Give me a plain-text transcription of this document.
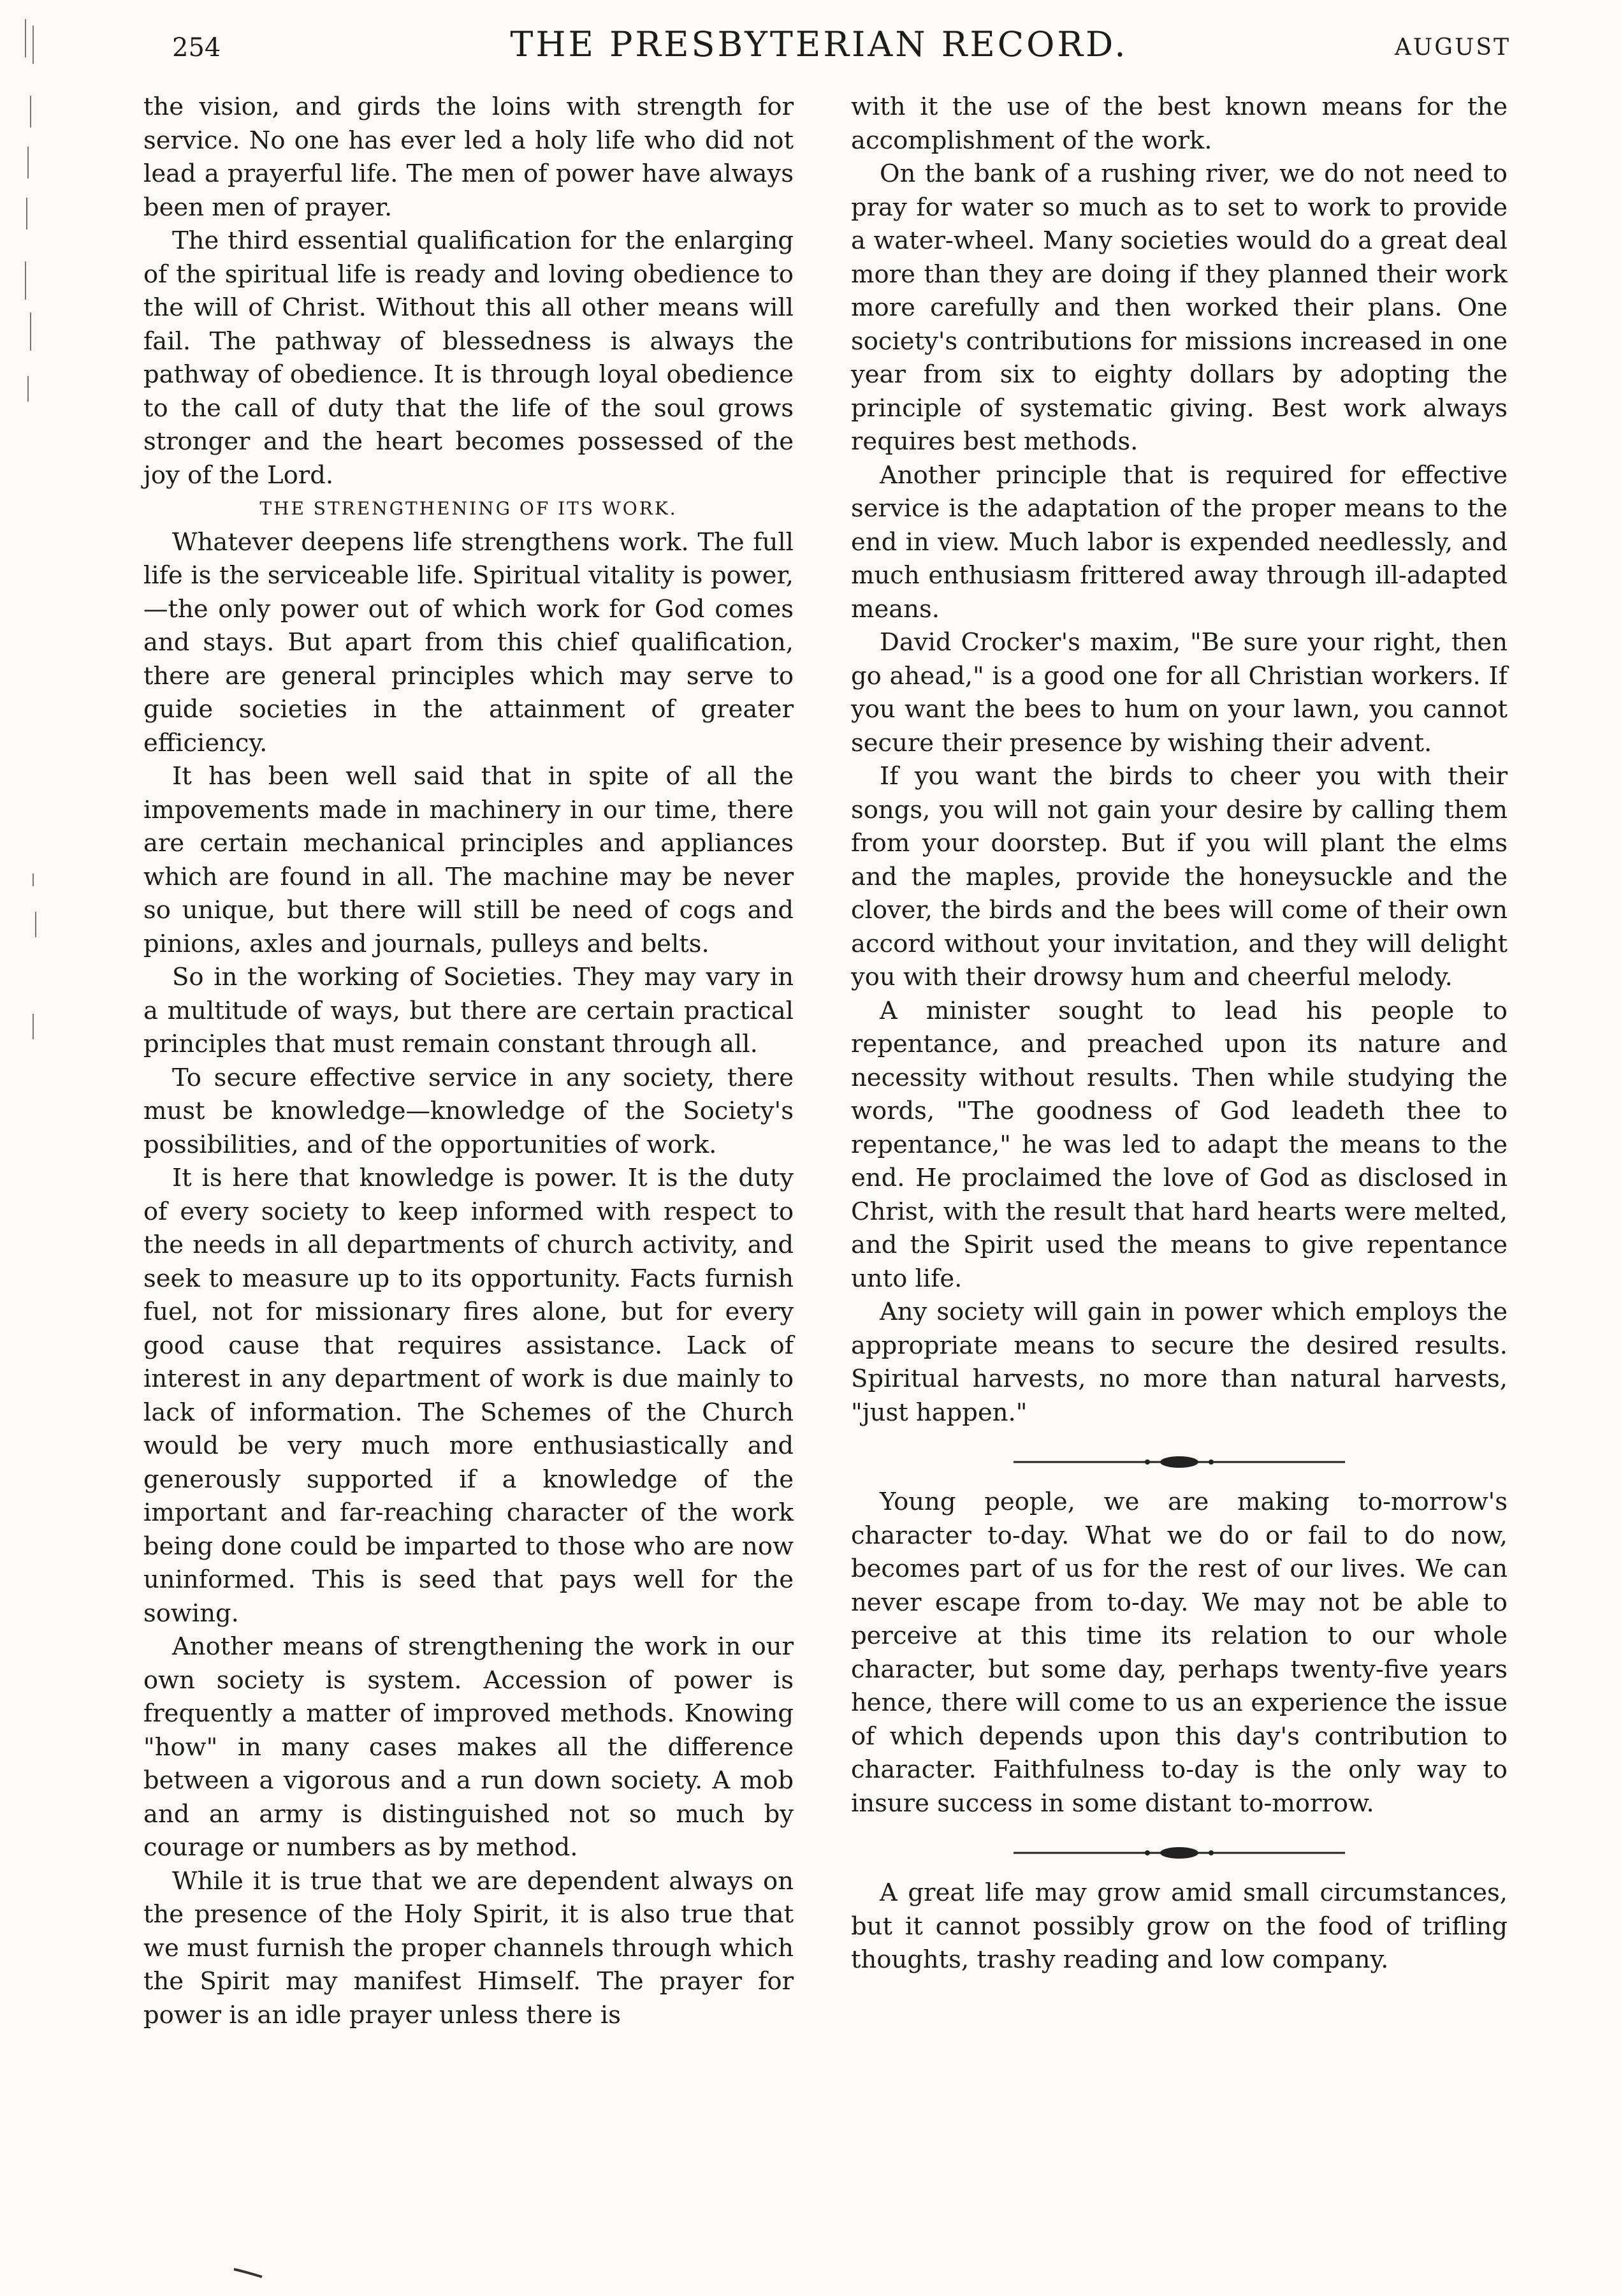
254	THE PRESBYTERIAN RECORD.	AUGUST

the vision, and girds the loins with strength for service. No one has ever led a holy life who did not lead a prayerful life. The men of power have always been men of prayer.

The third essential qualification for the enlarging of the spiritual life is ready and loving obedience to the will of Christ. Without this all other means will fail. The pathway of blessedness is always the pathway of obedience. It is through loyal obedience to the call of duty that the life of the soul grows stronger and the heart becomes possessed of the joy of the Lord.

THE STRENGTHENING OF ITS WORK.

Whatever deepens life strengthens work. The full life is the serviceable life. Spiritual vitality is power,—the only power out of which work for God comes and stays. But apart from this chief qualification, there are general principles which may serve to guide societies in the attainment of greater efficiency.

It has been well said that in spite of all the impovements made in machinery in our time, there are certain mechanical principles and appliances which are found in all. The machine may be never so unique, but there will still be need of cogs and pinions, axles and journals, pulleys and belts.

So in the working of Societies. They may vary in a multitude of ways, but there are certain practical principles that must remain constant through all.

To secure effective service in any society, there must be knowledge—knowledge of the Society's possibilities, and of the opportunities of work.

It is here that knowledge is power. It is the duty of every society to keep informed with respect to the needs in all departments of church activity, and seek to measure up to its opportunity. Facts furnish fuel, not for missionary fires alone, but for every good cause that requires assistance. Lack of interest in any department of work is due mainly to lack of information. The Schemes of the Church would be very much more enthusiastically and generously supported if a knowledge of the important and far-reaching character of the work being done could be imparted to those who are now uninformed. This is seed that pays well for the sowing.

Another means of strengthening the work in our own society is system. Accession of power is frequently a matter of improved methods. Knowing "how" in many cases makes all the difference between a vigorous and a run down society. A mob and an army is distinguished not so much by courage or numbers as by method.

While it is true that we are dependent always on the presence of the Holy Spirit, it is also true that we must furnish the proper channels through which the Spirit may manifest Himself. The prayer for power is an idle prayer unless there is

with it the use of the best known means for the accomplishment of the work.

On the bank of a rushing river, we do not need to pray for water so much as to set to work to provide a water-wheel. Many societies would do a great deal more than they are doing if they planned their work more carefully and then worked their plans. One society's contributions for missions increased in one year from six to eighty dollars by adopting the principle of systematic giving. Best work always requires best methods.

Another principle that is required for effective service is the adaptation of the proper means to the end in view. Much labor is expended needlessly, and much enthusiasm frittered away through ill-adapted means.

David Crocker's maxim, "Be sure your right, then go ahead," is a good one for all Christian workers. If you want the bees to hum on your lawn, you cannot secure their presence by wishing their advent.

If you want the birds to cheer you with their songs, you will not gain your desire by calling them from your doorstep. But if you will plant the elms and the maples, provide the honeysuckle and the clover, the birds and the bees will come of their own accord without your invitation, and they will delight you with their drowsy hum and cheerful melody.

A minister sought to lead his people to repentance, and preached upon its nature and necessity without results. Then while studying the words, "The goodness of God leadeth thee to repentance," he was led to adapt the means to the end. He proclaimed the love of God as disclosed in Christ, with the result that hard hearts were melted, and the Spirit used the means to give repentance unto life.

Any society will gain in power which employs the appropriate means to secure the desired results. Spiritual harvests, no more than natural harvests, "just happen."

Young people, we are making to-morrow's character to-day. What we do or fail to do now, becomes part of us for the rest of our lives. We can never escape from to-day. We may not be able to perceive at this time its relation to our whole character, but some day, perhaps twenty-five years hence, there will come to us an experience the issue of which depends upon this day's contribution to character. Faithfulness to-day is the only way to insure success in some distant to-morrow.

A great life may grow amid small circumstances, but it cannot possibly grow on the food of trifling thoughts, trashy reading and low company.
